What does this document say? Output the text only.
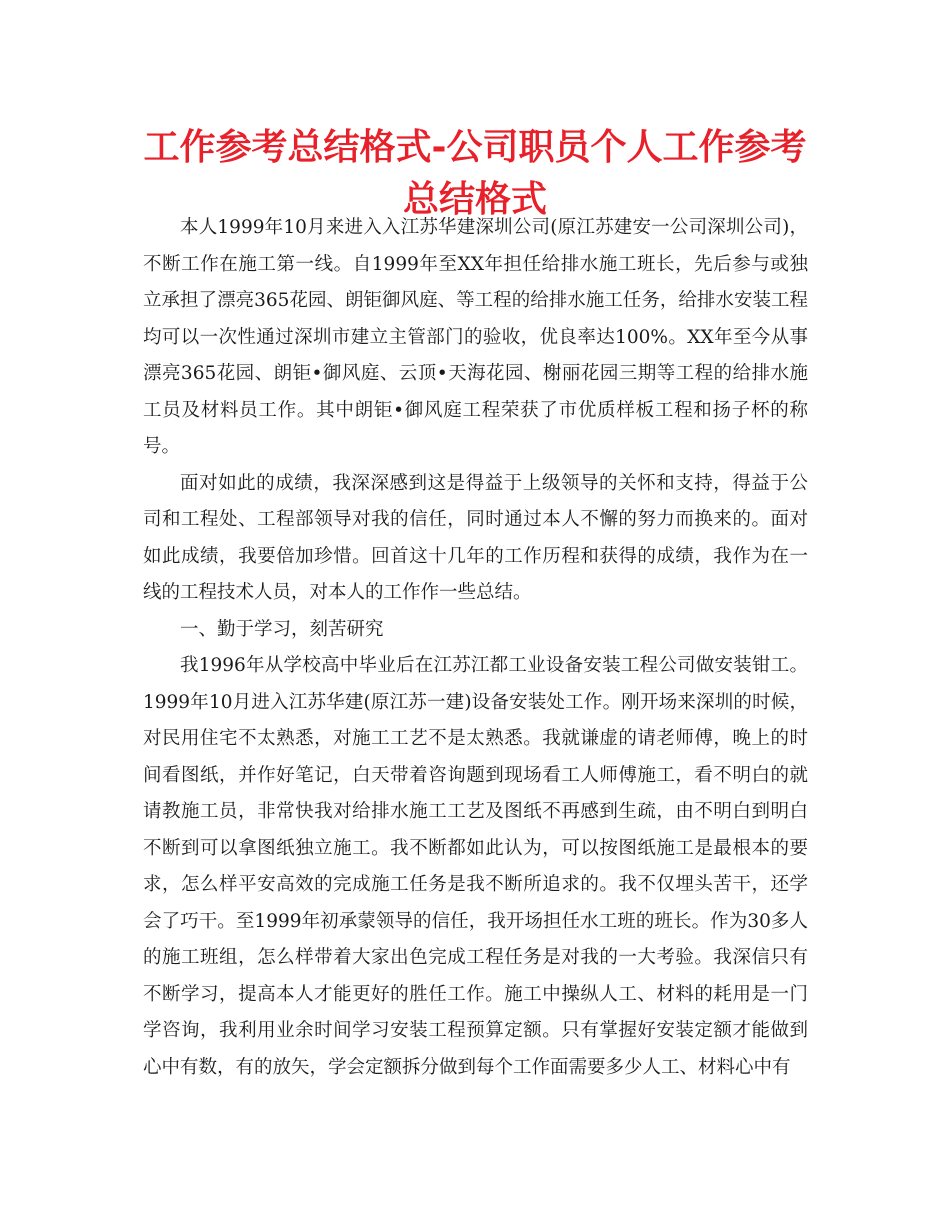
工作参考总结格式-公司职员个人工作参考总结格式

本人1999年10月来进入入江苏华建深圳公司(原江苏建安一公司深圳公司)，不断工作在施工第一线。自1999年至XX年担任给排水施工班长，先后参与或独立承担了漂亮365花园、朗钜御风庭、等工程的给排水施工任务，给排水安装工程均可以一次性通过深圳市建立主管部门的验收，优良率达100%。XX年至今从事漂亮365花园、朗钜•御风庭、云顶•天海花园、榭丽花园三期等工程的给排水施工员及材料员工作。其中朗钜•御风庭工程荣获了市优质样板工程和扬子杯的称号。

面对如此的成绩，我深深感到这是得益于上级领导的关怀和支持，得益于公司和工程处、工程部领导对我的信任，同时通过本人不懈的努力而换来的。面对如此成绩，我要倍加珍惜。回首这十几年的工作历程和获得的成绩，我作为在一线的工程技术人员，对本人的工作作一些总结。

一、勤于学习，刻苦研究

我1996年从学校高中毕业后在江苏江都工业设备安装工程公司做安装钳工。1999年10月进入江苏华建(原江苏一建)设备安装处工作。刚开场来深圳的时候，对民用住宅不太熟悉，对施工工艺不是太熟悉。我就谦虚的请老师傅，晚上的时间看图纸，并作好笔记，白天带着咨询题到现场看工人师傅施工，看不明白的就请教施工员，非常快我对给排水施工工艺及图纸不再感到生疏，由不明白到明白不断到可以拿图纸独立施工。我不断都如此认为，可以按图纸施工是最根本的要求，怎么样平安高效的完成施工任务是我不断所追求的。我不仅埋头苦干，还学会了巧干。至1999年初承蒙领导的信任，我开场担任水工班的班长。作为30多人的施工班组，怎么样带着大家出色完成工程任务是对我的一大考验。我深信只有不断学习，提高本人才能更好的胜任工作。施工中操纵人工、材料的耗用是一门学咨询，我利用业余时间学习安装工程预算定额。只有掌握好安装定额才能做到心中有数，有的放矢，学会定额拆分做到每个工作面需要多少人工、材料心中有
